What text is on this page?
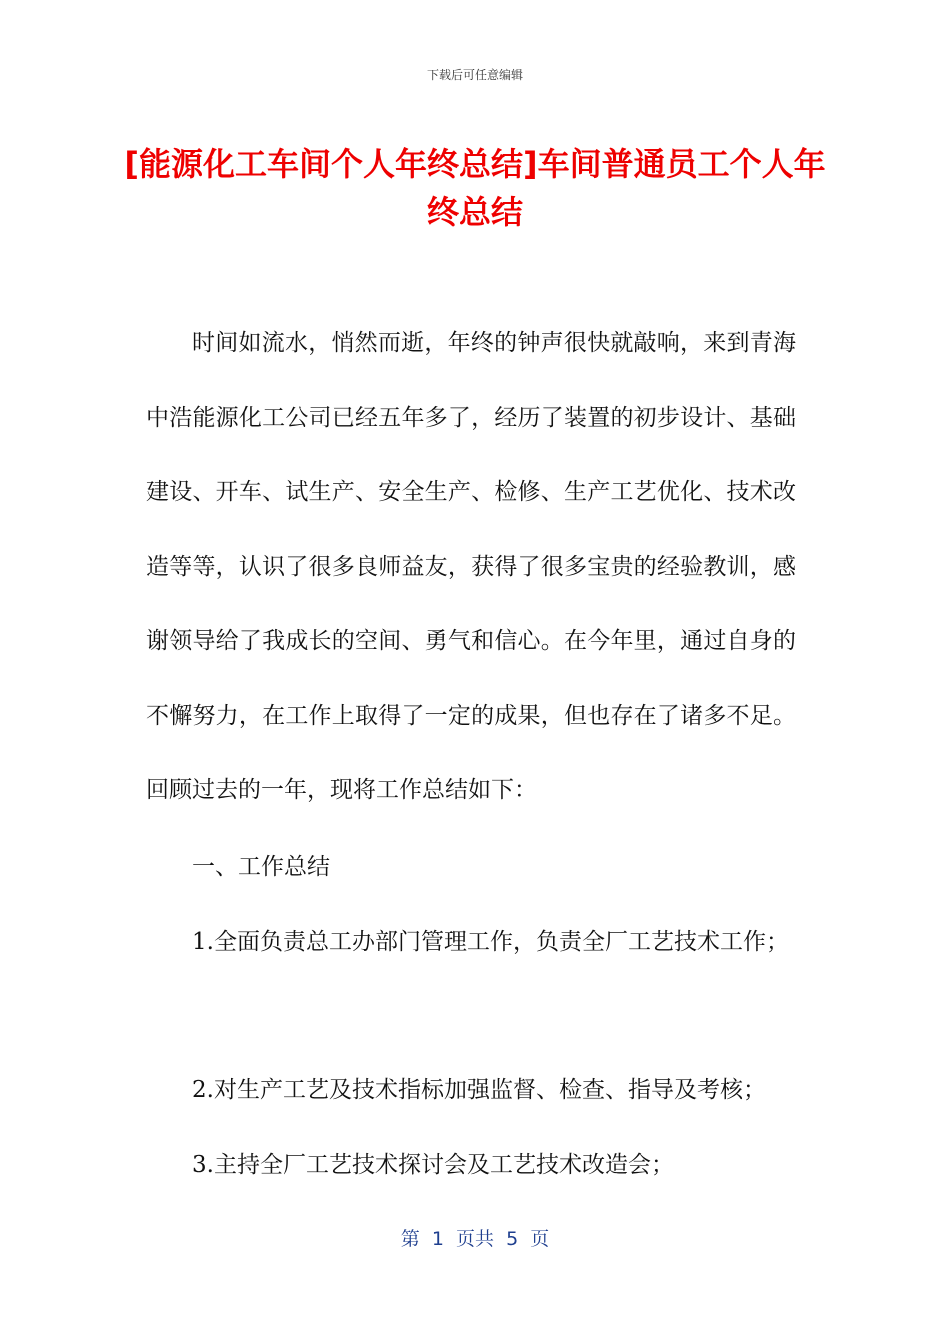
下载后可任意编辑
[能源化工车间个人年终总结]车间普通员工个人年终总结

时间如流水，悄然而逝，年终的钟声很快就敲响，来到青海中浩能源化工公司已经五年多了，经历了装置的初步设计、基础建设、开车、试生产、安全生产、检修、生产工艺优化、技术改造等等，认识了很多良师益友，获得了很多宝贵的经验教训，感谢领导给了我成长的空间、勇气和信心。在今年里，通过自身的不懈努力，在工作上取得了一定的成果，但也存在了诸多不足。回顾过去的一年，现将工作总结如下：

一、工作总结
1.全面负责总工办部门管理工作，负责全厂工艺技术工作；
2.对生产工艺及技术指标加强监督、检查、指导及考核；
3.主持全厂工艺技术探讨会及工艺技术改造会；
第  1  页共  5  页
